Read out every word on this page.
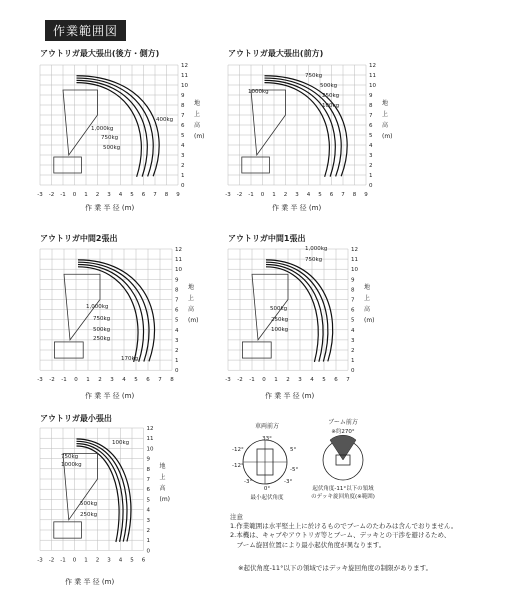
作業範囲図
アウトリガ最大張出(後方・側方)	アウトリガ最大張出(前方)
アウトリガ中間2張出	アウトリガ中間1張出
アウトリガ最小張出
作 業 半 径 (m)	作 業 半 径 (m)
作 業 半 径 (m)	作 業 半 径 (m)
作 業 半 径 (m)
注意
1.作業範囲は水平堅土上に於けるものでブームのたわみは含んでおりません。
2.本機は、キャブやアウトリガ等とブーム、デッキとの干渉を避けるため、
　ブーム旋回位置により最小起伏角度が異なります。
※起伏角度-11°以下の領域ではデッキ旋回角度の制限があります。
-3 -2 -1 0 1 2 3 4 5 6 7 8 9
12
11
10
9
8
7
6
5
4
3
2
1
0
地
上
高
(m)
400kg
1,000kg
750kg
500kg
-3 -2 -1 0 1 2 3 4 5 6 7 8 9
12
11
10
9
8
7
6
5
4
3
2
1
0
地
上
高
(m)
750kg
500kg
1000kg
250kg
100kg
-3 -2 -1 0 1 2 3 4 5 6 7 8
12
11
10
9
8
7
6
5
4
3
2
1
0
地
上
高
(m)
1,000kg
750kg
500kg
250kg
170kg
-3 -2 -1 0 1 2 3 4 5 6 7
12
11
10
9
8
7
6
5
4
3
2
1
0
地
上
高
(m)
1,000kg
750kg
500kg
250kg
100kg
-3 -2 -1 0 1 2 3 4 5 6
12
11
10
9
8
7
6
5
4
3
2
1
0
地
上
高
(m)
100kg
750kg
1000kg
500kg
250kg
車両前方
33°
5°
-5°
-12°
-12°
-3°	-3°
0°
最小起伏角度
ブーム前方
※約270°
起伏角度-11°以下の領域
のデッキ旋回角度(※範囲)
